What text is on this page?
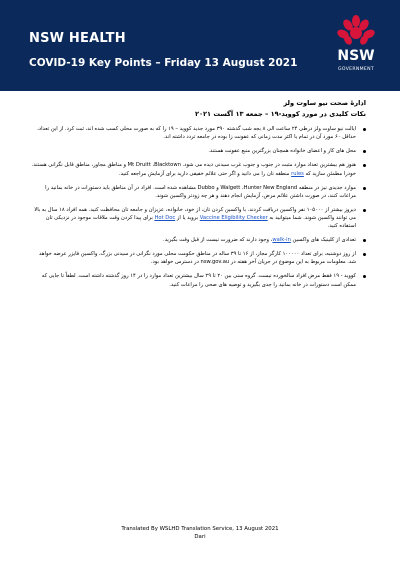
NSW HEALTH
COVID-19 Key Points – Friday 13 August 2021	NSW
GOVERNMENT
ادارۀ صحت نیو ساوت ولز
نکات کلیدی در مورد کووید-۱۹ – جمعه ۱۳ آگست ۲۰۲۱
ایالت نیو ساوت ولز درطی ۲۴ ساعت الی ۸ بجه شب گذشته ۳۹۰ مورد جدید کووید – ۱۹ را که به صورت محلی کسب شده اند، ثبت کرد. از این تعداد، حداقل ۶۰ مورد آن در تمام یا اکثر مدت زمانی که عفونت زا بوده در جامعه تردد داشته اند.
محل های کار و اعضای خانواده همچنان بزرگترین منبع عفونت هستند.
هنوز هم بیشترین تعداد موارد مثبت در جنوب و جنوب غرب سیدنی دیده می شود. Mt Druitt ،Blacktown و مناطق مجاور، مناطق قابل نگرانی هستند. خودرا مطمئن سازید که rules منطقه تان را می دانید و اگر حتی علائم خفیفی دارید برای آزمایش مراجعه کنید.
موارد جدیدی نیز در منطقه Walgett ،Hunter New England و Dubbo مشاهده شده است. افراد در آن مناطق باید دستورات در خانه بمانید را مراعات کنند، در صورت داشتن علائم مرض، آزمایش انجام دهند و هر چه زودتر واکسین شوند.
دیروز بیشتر از ۱۰۵۰۰۰ نفر واکسین دریافت کردند. با واکسین کردن تان، از خود، خانواده، عزیزان و جامعه تان محافظت کنید. همه افراد ۱۸ سال به بالا می توانند واکسین شوند. شما میتوانید به Vaccine Eligibility Checker بروید یا از Hot Doc برای پیدا کردن وقت ملاقات موجود در نزدیکی تان استفاده کنید.
تعدادی از کلینیک های واکسین walk-in، وجود دارند که ضرورت نیست از قبل وقت بگیرید.
از روز دوشنبه، برای تعداد ۱۰۰۰۰۰ کارگر مجاز، از ۱۶ تا ۳۹ ساله در مناطق حکومت محلی مورد نگرانی در سیدنی بزرگ، واکسین فایزر عرضه خواهد شد. معلومات مربوط به این موضوع در جریان آخر هفته در nsw.gov.au در دسترس خواهد بود.
کووید - ۱۹ فقط مرض افراد سالخورده نیست. گروه سنی بین ۲۰ تا ۲۹ سال بیشترین تعداد موارد را در ۱۴ روز گذشته داشته است. لطفاً تا جایی که ممکن است دستورات در خانه بمانید را جدی بگیرید و توصیه های صحی را مراعات کنید.
Translated By WSLHD Translation Service, 13 August 2021
Dari
